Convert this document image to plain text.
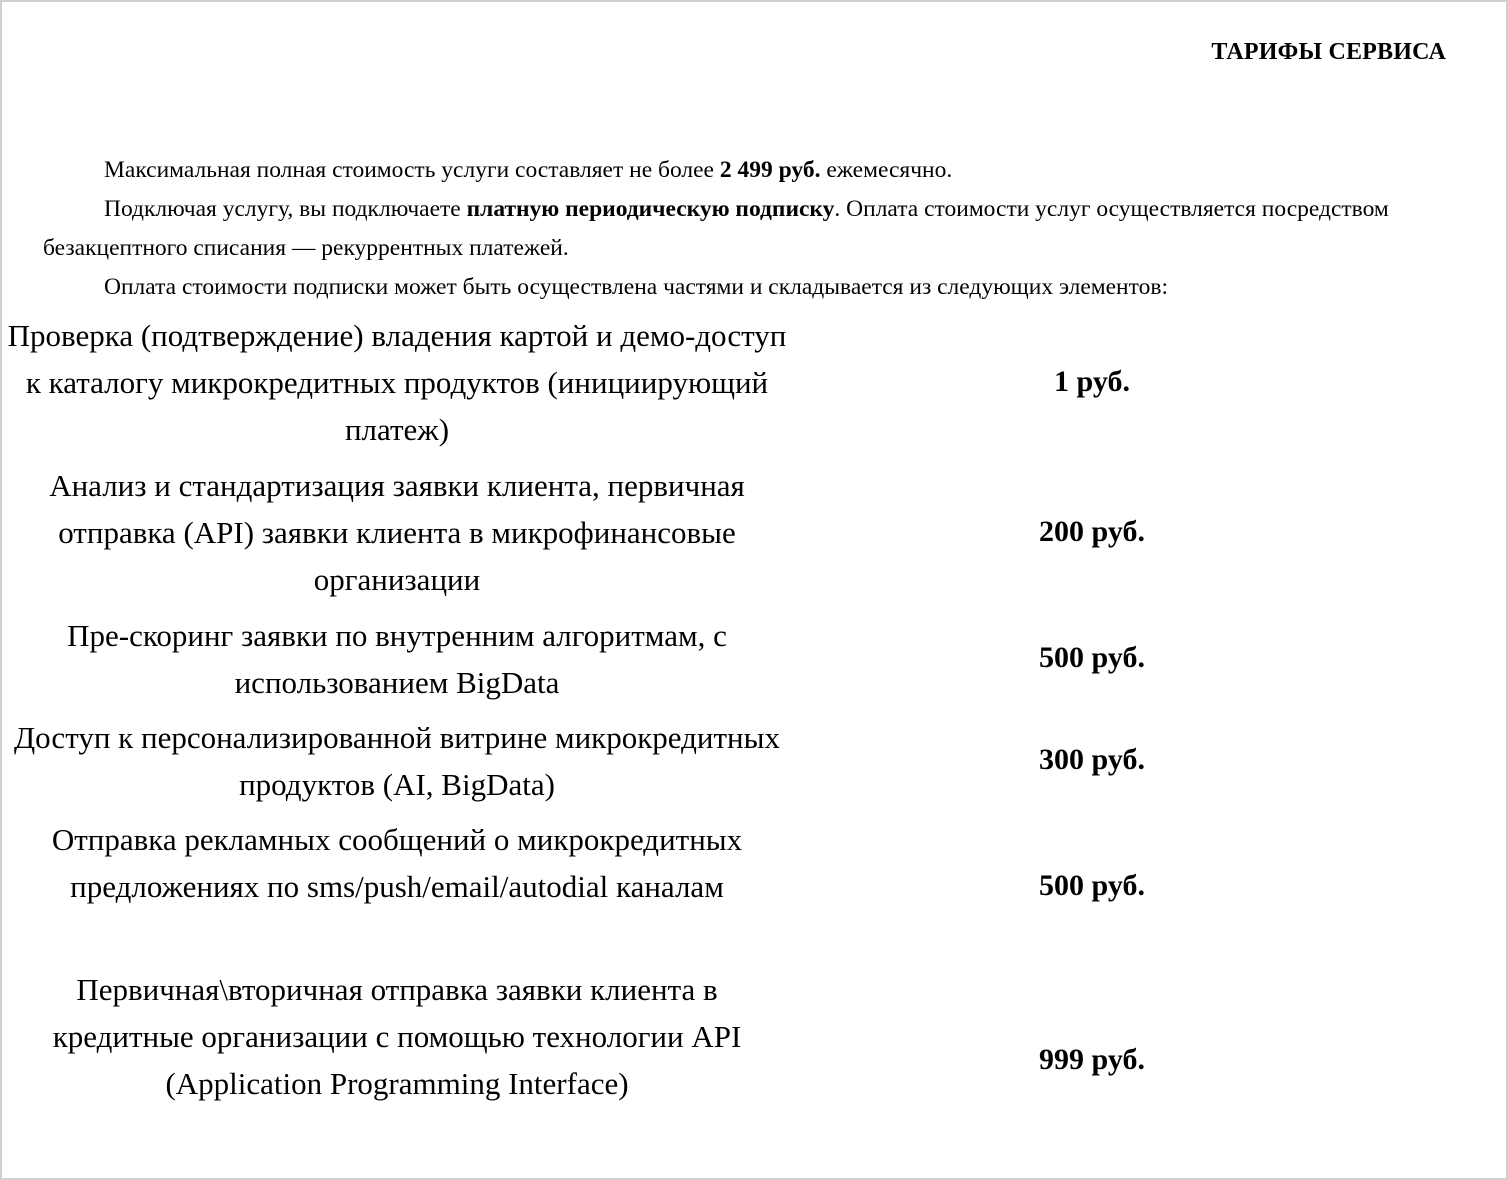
ТАРИФЫ СЕРВИСА

Максимальная полная стоимость услуги составляет не более 2 499 руб. ежемесячно.

Подключая услугу, вы подключаете платную периодическую подписку. Оплата стоимости услуг осуществляется посредством безакцептного списания — рекуррентных платежей.

Оплата стоимости подписки может быть осуществлена частями и складывается из следующих элементов:

Проверка (подтверждение) владения картой и демо-доступ к каталогу микрокредитных продуктов (инициирующий платеж)
1 руб.
Анализ и стандартизация заявки клиента, первичная отправка (API) заявки клиента в микрофинансовые организации
200 руб.
Пре-скоринг заявки по внутренним алгоритмам, с использованием BigData
500 руб.
Доступ к персонализированной витрине микрокредитных продуктов (AI, BigData)
300 руб.
Отправка рекламных сообщений о микрокредитных предложениях по sms/push/email/autodial каналам	500 руб.
Первичная\вторичная отправка заявки клиента в кредитные организации с помощью технологии API (Application Programming Interface)
999 руб.
